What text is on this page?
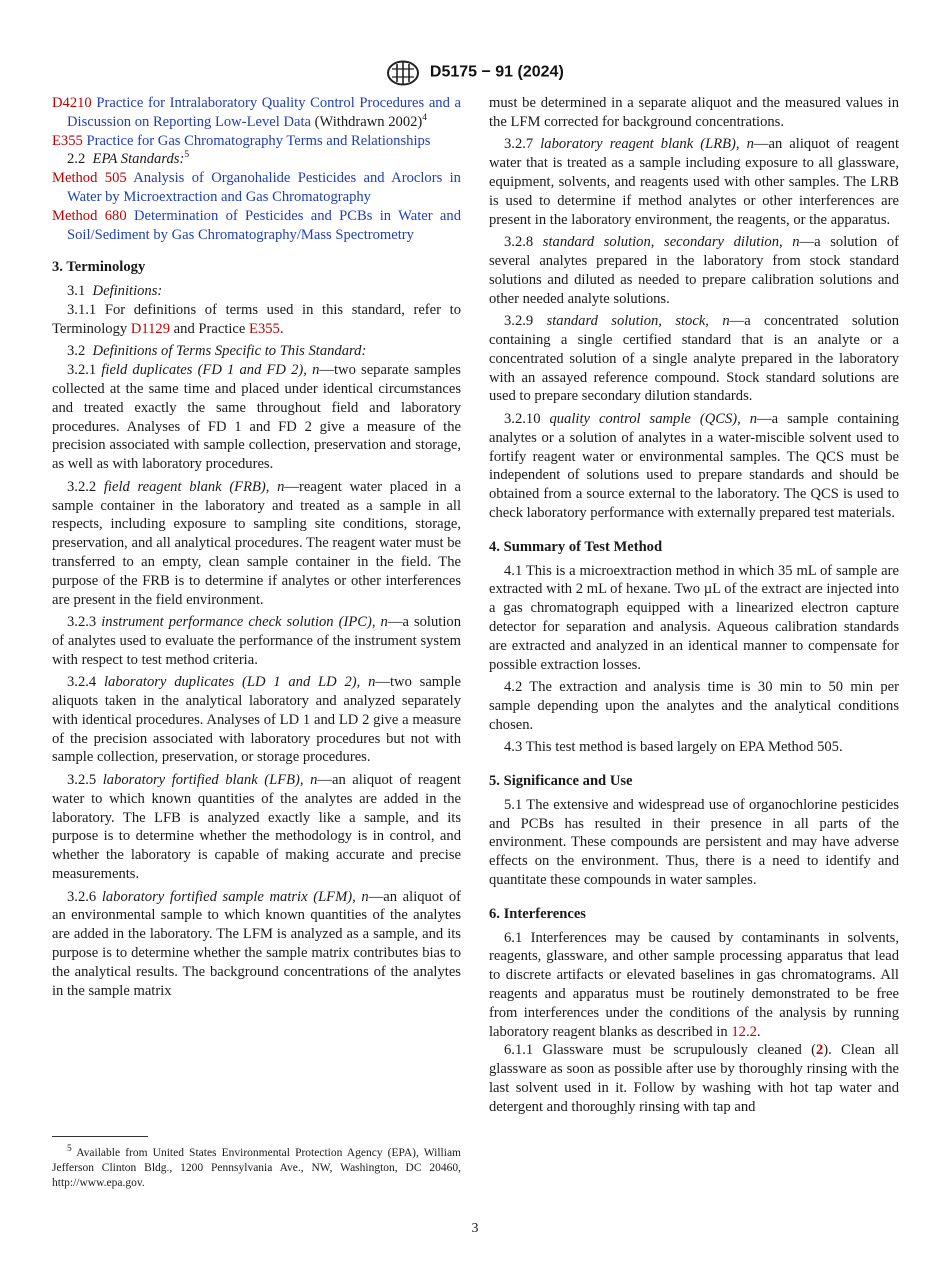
D5175 − 91 (2024)
D4210 Practice for Intralaboratory Quality Control Procedures and a Discussion on Reporting Low-Level Data (Withdrawn 2002)$^4$
E355 Practice for Gas Chromatography Terms and Relationships

2.2 EPA Standards:$^5$

Method 505 Analysis of Organohalide Pesticides and Aroclors in Water by Microextraction and Gas Chromatography
Method 680 Determination of Pesticides and PCBs in Water and Soil/Sediment by Gas Chromatography/Mass Spectrometry
3. Terminology

3.1 Definitions:

3.1.1 For definitions of terms used in this standard, refer to Terminology D1129 and Practice E355.

3.2 Definitions of Terms Specific to This Standard:

3.2.1 field duplicates (FD 1 and FD 2), n—two separate samples collected at the same time and placed under identical circumstances and treated exactly the same throughout field and laboratory procedures. Analyses of FD 1 and FD 2 give a measure of the precision associated with sample collection, preservation and storage, as well as with laboratory procedures.

3.2.2 field reagent blank (FRB), n—reagent water placed in a sample container in the laboratory and treated as a sample in all respects, including exposure to sampling site conditions, storage, preservation, and all analytical procedures. The reagent water must be transferred to an empty, clean sample container in the field. The purpose of the FRB is to determine if analytes or other interferences are present in the field environment.

3.2.3 instrument performance check solution (IPC), n—a solution of analytes used to evaluate the performance of the instrument system with respect to test method criteria.

3.2.4 laboratory duplicates (LD 1 and LD 2), n—two sample aliquots taken in the analytical laboratory and analyzed separately with identical procedures. Analyses of LD 1 and LD 2 give a measure of the precision associated with laboratory procedures but not with sample collection, preservation, or storage procedures.

3.2.5 laboratory fortified blank (LFB), n—an aliquot of reagent water to which known quantities of the analytes are added in the laboratory. The LFB is analyzed exactly like a sample, and its purpose is to determine whether the methodology is in control, and whether the laboratory is capable of making accurate and precise measurements.

3.2.6 laboratory fortified sample matrix (LFM), n—an aliquot of an environmental sample to which known quantities of the analytes are added in the laboratory. The LFM is analyzed as a sample, and its purpose is to determine whether the sample matrix contributes bias to the analytical results. The background concentrations of the analytes in the sample matrix

must be determined in a separate aliquot and the measured values in the LFM corrected for background concentrations.

3.2.7 laboratory reagent blank (LRB), n—an aliquot of reagent water that is treated as a sample including exposure to all glassware, equipment, solvents, and reagents used with other samples. The LRB is used to determine if method analytes or other interferences are present in the laboratory environment, the reagents, or the apparatus.

3.2.8 standard solution, secondary dilution, n—a solution of several analytes prepared in the laboratory from stock standard solutions and diluted as needed to prepare calibration solutions and other needed analyte solutions.

3.2.9 standard solution, stock, n—a concentrated solution containing a single certified standard that is an analyte or a concentrated solution of a single analyte prepared in the laboratory with an assayed reference compound. Stock standard solutions are used to prepare secondary dilution standards.

3.2.10 quality control sample (QCS), n—a sample containing analytes or a solution of analytes in a water-miscible solvent used to fortify reagent water or environmental samples. The QCS must be independent of solutions used to prepare standards and should be obtained from a source external to the laboratory. The QCS is used to check laboratory performance with externally prepared test materials.

4. Summary of Test Method

4.1 This is a microextraction method in which 35 mL of sample are extracted with 2 mL of hexane. Two µL of the extract are injected into a gas chromatograph equipped with a linearized electron capture detector for separation and analysis. Aqueous calibration standards are extracted and analyzed in an identical manner to compensate for possible extraction losses.

4.2 The extraction and analysis time is 30 min to 50 min per sample depending upon the analytes and the analytical conditions chosen.

4.3 This test method is based largely on EPA Method 505.

5. Significance and Use

5.1 The extensive and widespread use of organochlorine pesticides and PCBs has resulted in their presence in all parts of the environment. These compounds are persistent and may have adverse effects on the environment. Thus, there is a need to identify and quantitate these compounds in water samples.

6. Interferences

6.1 Interferences may be caused by contaminants in solvents, reagents, glassware, and other sample processing apparatus that lead to discrete artifacts or elevated baselines in gas chromatograms. All reagents and apparatus must be routinely demonstrated to be free from interferences under the conditions of the analysis by running laboratory reagent blanks as described in 12.2.

6.1.1 Glassware must be scrupulously cleaned (2). Clean all glassware as soon as possible after use by thoroughly rinsing with the last solvent used in it. Follow by washing with hot tap water and detergent and thoroughly rinsing with tap and

$^5$ Available from United States Environmental Protection Agency (EPA), William Jefferson Clinton Bldg., 1200 Pennsylvania Ave., NW, Washington, DC 20460, http://www.epa.gov.
3
